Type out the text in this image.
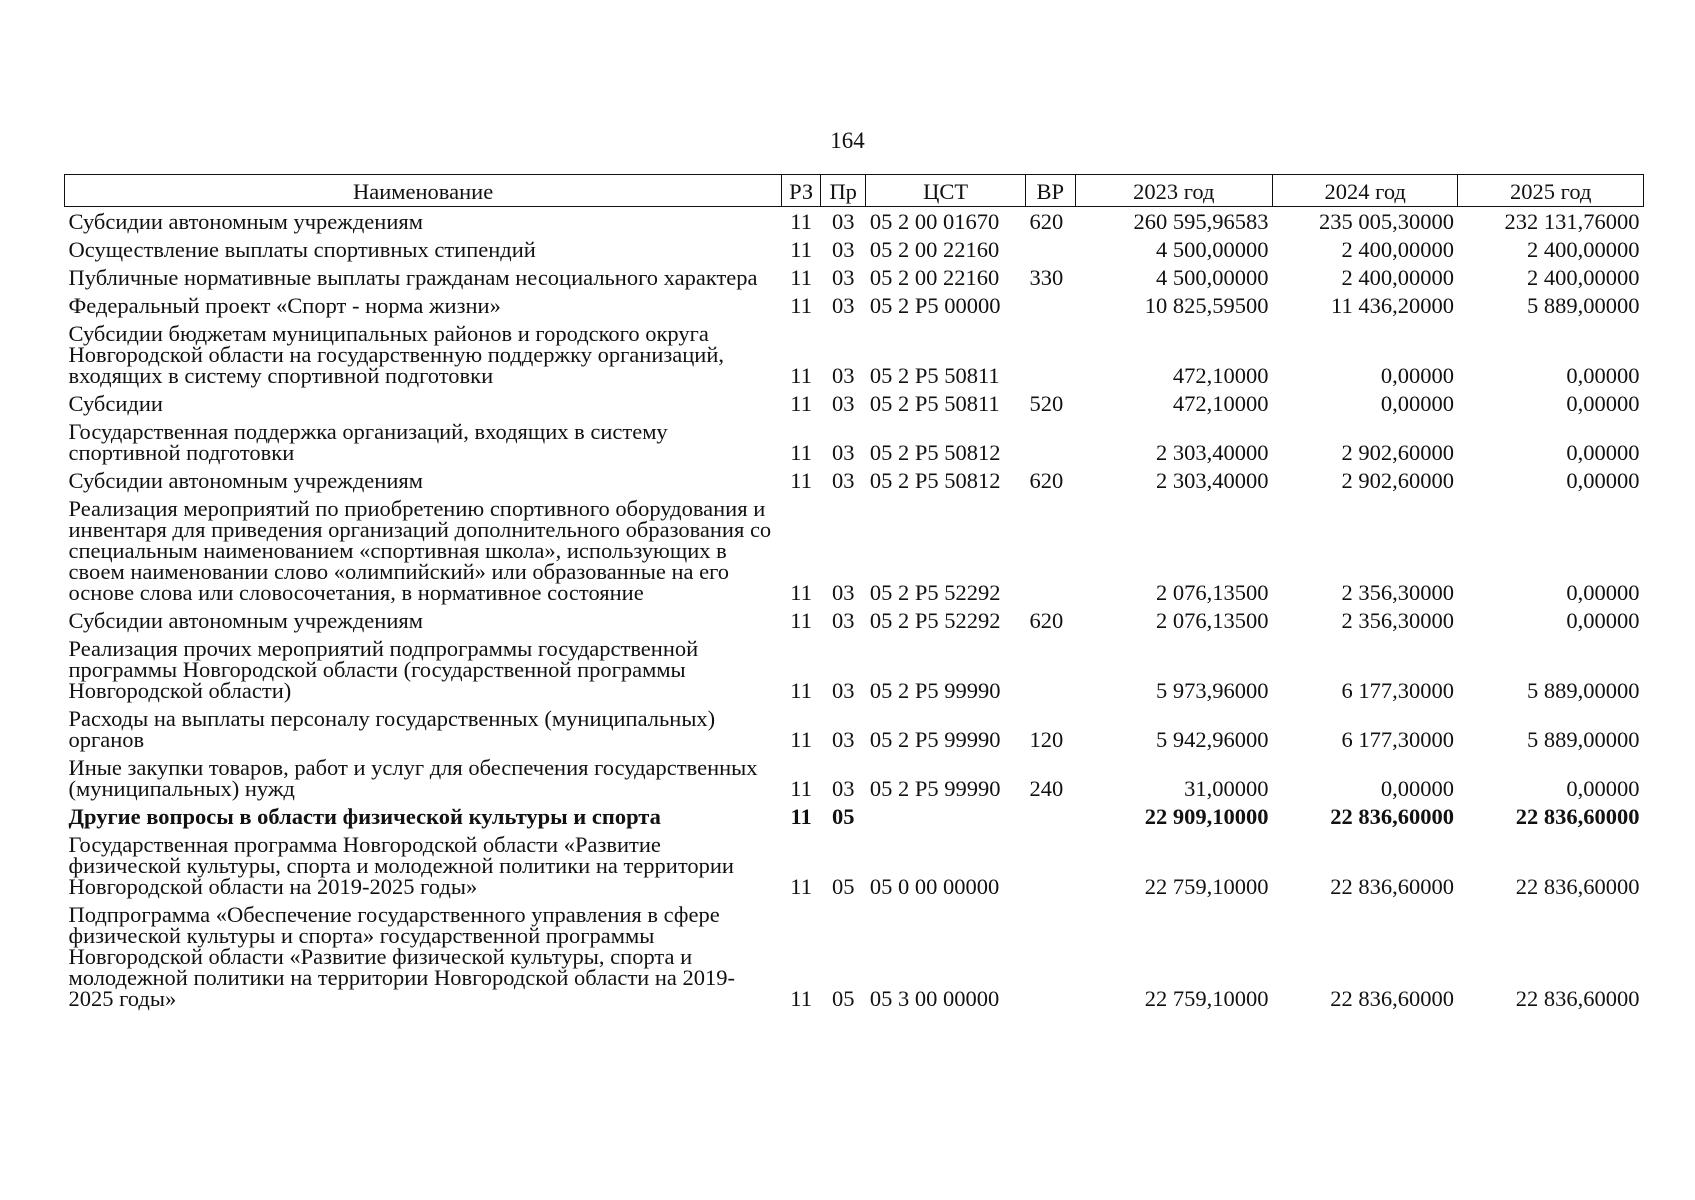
164
Наименование	РЗ	Пр	ЦСТ	ВР	2023 год	2024 год	2025 год
Субсидии автономным учреждениям	11	03	05 2 00 01670	620	260 595,96583	235 005,30000	232 131,76000
Осуществление выплаты спортивных стипендий	11	03	05 2 00 22160		4 500,00000	2 400,00000	2 400,00000
Публичные нормативные выплаты гражданам несоциального характера	11	03	05 2 00 22160	330	4 500,00000	2 400,00000	2 400,00000
Федеральный проект «Спорт - норма жизни»	11	03	05 2 P5 00000		10 825,59500	11 436,20000	5 889,00000
Субсидии бюджетам муниципальных районов и городского округа Новгородской области на государственную поддержку организаций, входящих в систему спортивной подготовки	11	03	05 2 P5 50811		472,10000	0,00000	0,00000
Субсидии	11	03	05 2 P5 50811	520	472,10000	0,00000	0,00000
Государственная поддержка организаций, входящих в систему спортивной подготовки	11	03	05 2 P5 50812		2 303,40000	2 902,60000	0,00000
Субсидии автономным учреждениям	11	03	05 2 P5 50812	620	2 303,40000	2 902,60000	0,00000
Реализация мероприятий по приобретению спортивного оборудования и инвентаря для приведения организаций дополнительного образования со специальным наименованием «спортивная школа», использующих в своем наименовании слово «олимпийский» или образованные на его основе слова или словосочетания, в нормативное состояние	11	03	05 2 P5 52292		2 076,13500	2 356,30000	0,00000
Субсидии автономным учреждениям	11	03	05 2 P5 52292	620	2 076,13500	2 356,30000	0,00000
Реализация прочих мероприятий подпрограммы государственной программы Новгородской области (государственной программы Новгородской области)	11	03	05 2 P5 99990		5 973,96000	6 177,30000	5 889,00000
Расходы на выплаты персоналу государственных (муниципальных) органов	11	03	05 2 P5 99990	120	5 942,96000	6 177,30000	5 889,00000
Иные закупки товаров, работ и услуг для обеспечения государственных (муниципальных) нужд	11	03	05 2 P5 99990	240	31,00000	0,00000	0,00000
Другие вопросы в области физической культуры и спорта	11	05			22 909,10000	22 836,60000	22 836,60000
Государственная программа Новгородской области «Развитие физической культуры, спорта и молодежной политики на территории Новгородской области на 2019-2025 годы»	11	05	05 0 00 00000		22 759,10000	22 836,60000	22 836,60000
Подпрограмма «Обеспечение государственного управления в сфере физической культуры и спорта» государственной программы Новгородской области «Развитие физической культуры, спорта и молодежной политики на территории Новгородской области на 2019-2025 годы»	11	05	05 3 00 00000		22 759,10000	22 836,60000	22 836,60000
